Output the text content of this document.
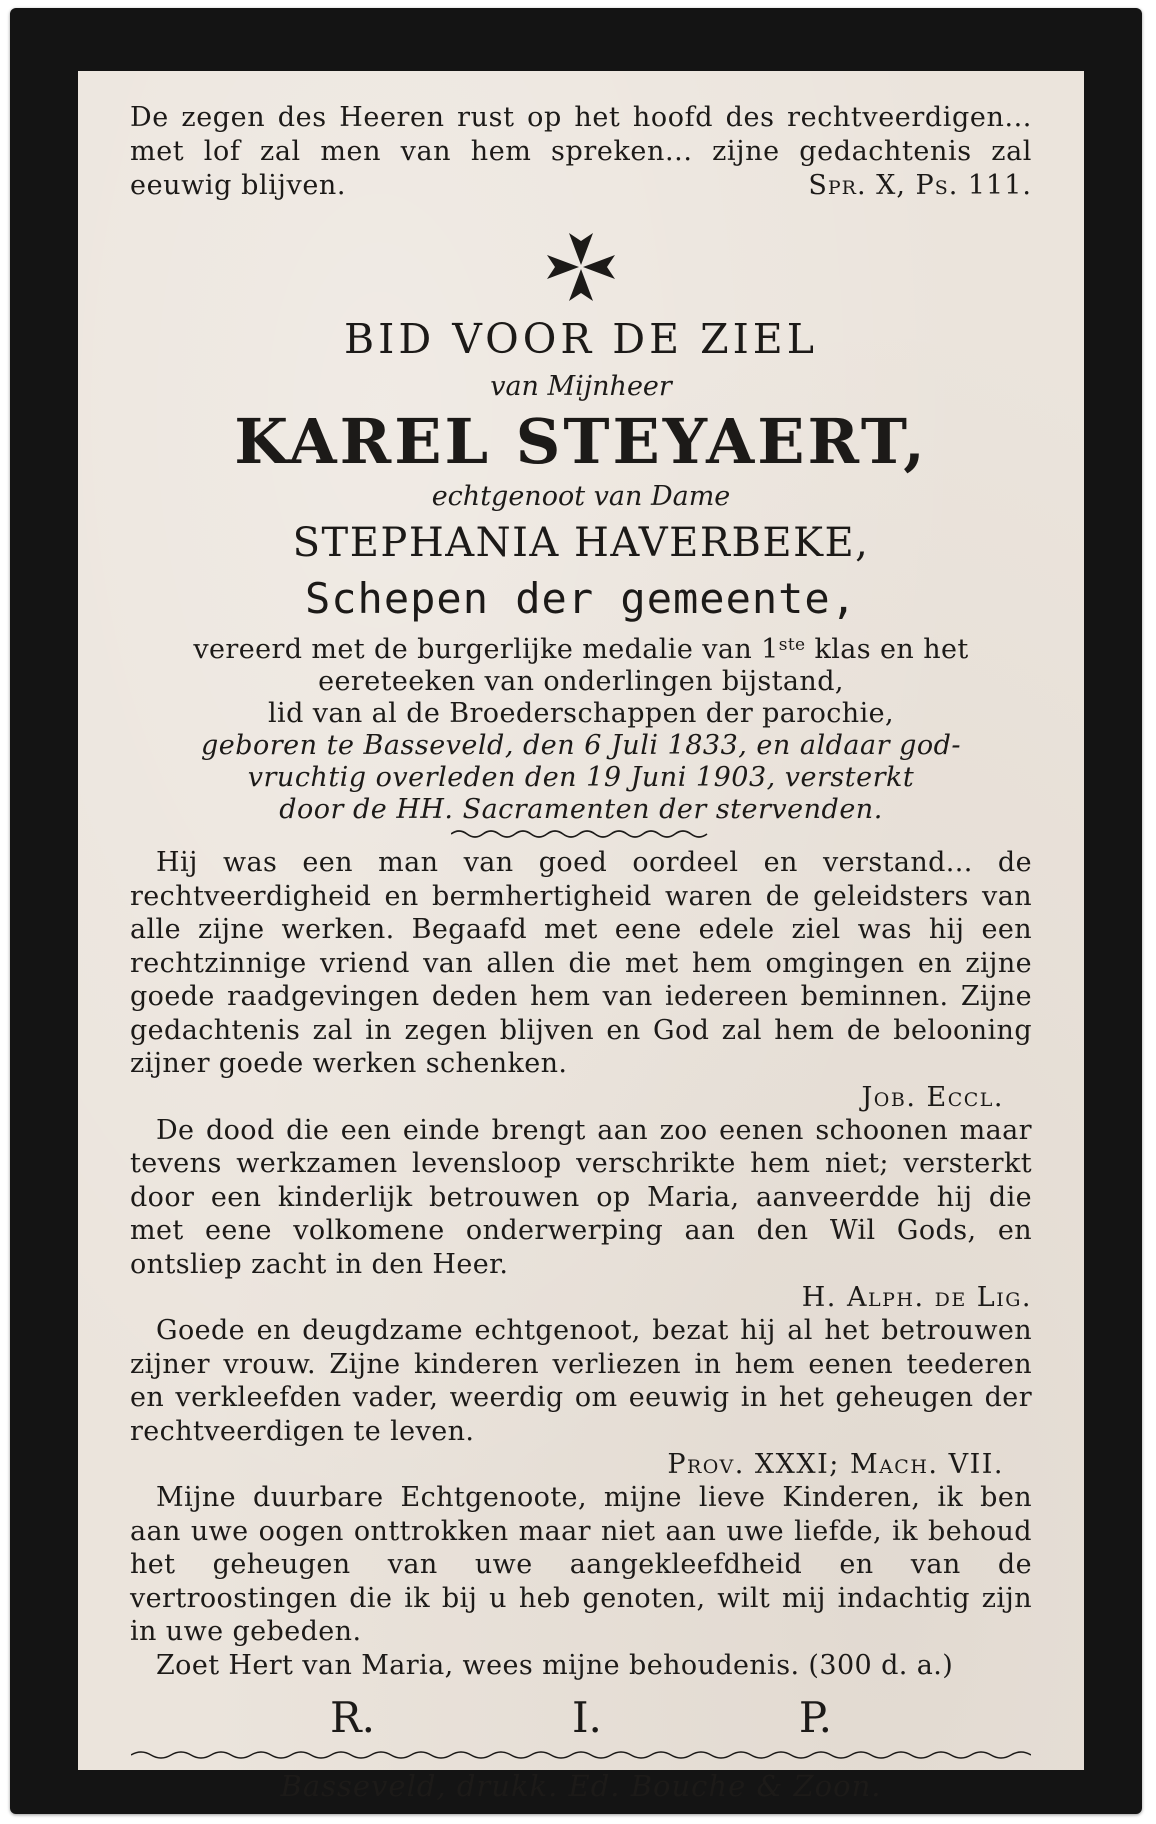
De zegen des Heeren rust op het hoofd des rechtveerdigen... met lof zal men van hem spreken... zijne gedachtenis zal eeuwig blijven.	Spr. X, Ps. 111.

BID VOOR DE ZIEL
van Mijnheer
KAREL STEYAERT,
echtgenoot van Dame
STEPHANIA HAVERBEKE,
Schepen der gemeente,
vereerd met de burgerlijke medalie van 1ste klas en het
eereteeken van onderlingen bijstand,
lid van al de Broederschappen der parochie,
geboren te Basseveld, den 6 Juli 1833, en aldaar god-
vruchtig overleden den 19 Juni 1903, versterkt
door de HH. Sacramenten der stervenden.

Hij was een man van goed oordeel en verstand... de rechtveerdigheid en bermhertigheid waren de geleidsters van alle zijne werken. Begaafd met eene edele ziel was hij een rechtzinnige vriend van allen die met hem omgingen en zijne goede raadgevingen deden hem van iedereen beminnen. Zijne gedachtenis zal in zegen blijven en God zal hem de belooning zijner goede werken schenken.

Job. Eccl.

De dood die een einde brengt aan zoo eenen schoonen maar tevens werkzamen levensloop verschrikte hem niet; versterkt door een kinderlijk betrouwen op Maria, aanveerdde hij die met eene volkomene onderwerping aan den Wil Gods, en ontsliep zacht in den Heer.

H. Alph. de Lig.

Goede en deugdzame echtgenoot, bezat hij al het betrouwen zijner vrouw. Zijne kinderen verliezen in hem eenen teederen en verkleefden vader, weerdig om eeuwig in het geheugen der rechtveerdigen te leven.

Prov. XXXI; Mach. VII.

Mijne duurbare Echtgenoote, mijne lieve Kinderen, ik ben aan uwe oogen onttrokken maar niet aan uwe liefde, ik behoud het geheugen van uwe aangekleefdheid en van de vertroostingen die ik bij u heb genoten, wilt mij indachtig zijn in uwe gebeden.

Zoet Hert van Maria, wees mijne behoudenis. (300 d. a.)

R.	I.	P.
Basseveld, drukk. Ed. Bouche & Zoon.
